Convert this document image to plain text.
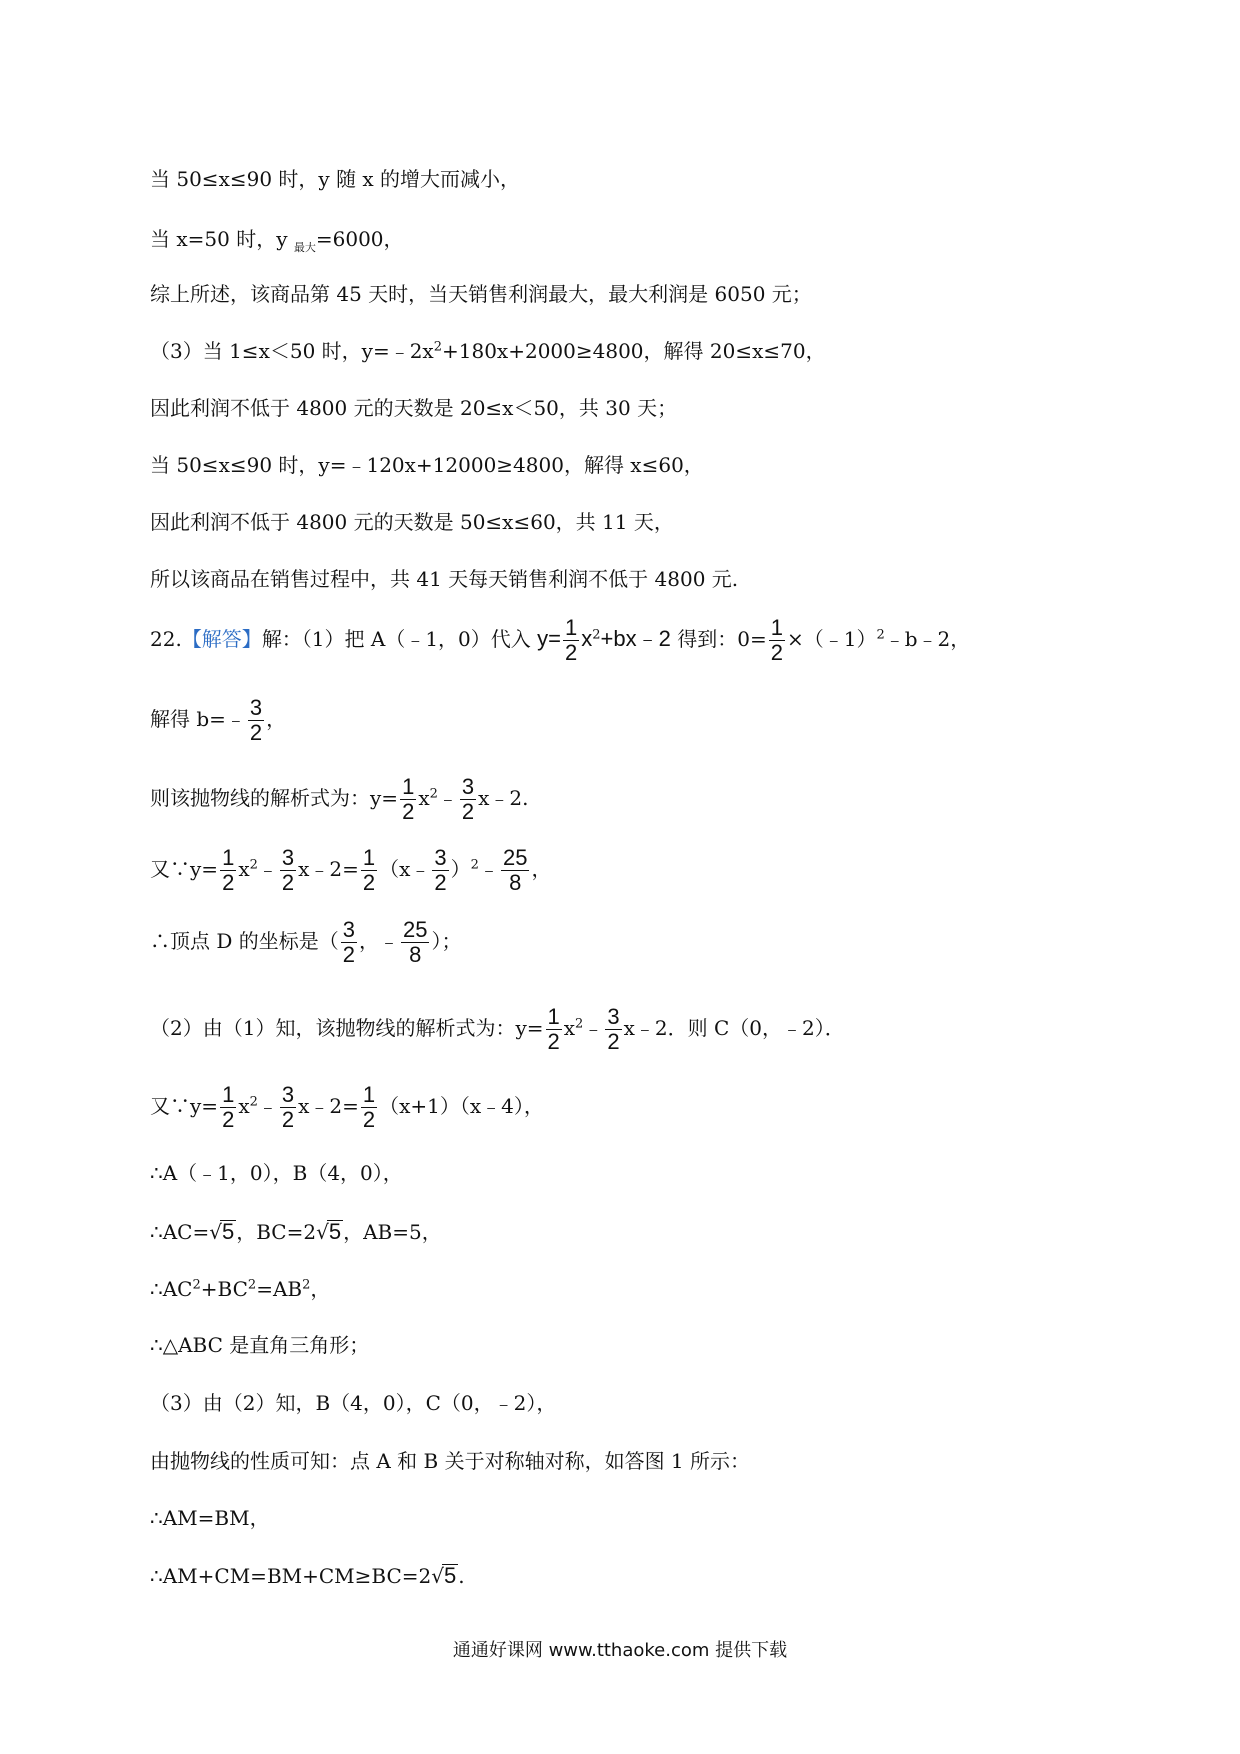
当 50≤x≤90 时，y 随 x 的增大而减小，
当 x=50 时，y $_{最大}$=6000，
综上所述，该商品第 45 天时，当天销售利润最大，最大利润是 6050 元；
（3）当 1≤x＜50 时，$y=﹣2x^2+180x+2000\ge 4800$，解得 20≤x≤70，
因此利润不低于 4800 元的天数是 20≤x＜50，共 30 天；
当 50≤x≤90 时，y=﹣120x+12000≥4800，解得 x≤60，
因此利润不低于 4800 元的天数是 50≤x≤60，共 11 天，
所以该商品在销售过程中，共 41 天每天销售利润不低于 4800 元.
22.【解答】解：（1）把 A（﹣1，0）代入 $y= \frac{1}{2}$ $x^2+bx﹣2$ 得到：$0= \frac{1}{2}$ ×（﹣1）$^2$﹣b﹣2，
解得 b=﹣ $\frac{3}{2}$ ，
则该抛物线的解析式为：$y= \frac{1}{2}$ $x^2﹣ \frac{3}{2}$ x﹣2.
又∵y= $\frac{1}{2}$ $x^2﹣ \frac{3}{2}$ x﹣2= $\frac{1}{2}$ （x﹣ $\frac{3}{2}$ ）$^2$﹣ $\frac{25}{8}$ ，
∴顶点 D 的坐标是（ $\frac{3}{2}$ ，﹣ $\frac{25}{8}$ ）；
（2）由（1）知，该抛物线的解析式为：$y= \frac{1}{2}$ $x^2﹣ \frac{3}{2}$ x﹣2．则 C（0，﹣2）．
又∵y= $\frac{1}{2}$ $x^2﹣ \frac{3}{2}$ x﹣2= $\frac{1}{2}$ （x+1）（x﹣4），
∴A（﹣1，0），B（4，0），
∴AC=√5 ，BC=2√5 ，AB=5，
$\therefore AC^2+BC^2=AB^2$，
∴△ABC 是直角三角形；
（3）由（2）知，B（4，0），C（0，﹣2），
由抛物线的性质可知：点 A 和 B 关于对称轴对称，如答图 1 所示：
∴AM=BM，
∴AM+CM=BM+CM≥BC=2√5 .
通通好课网 www.tthaoke.com 提供下载
